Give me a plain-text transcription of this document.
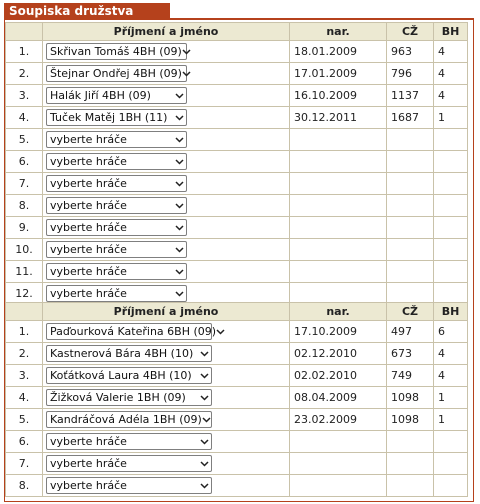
Soupiska družstva
	Příjmení a jméno	nar.	CŽ	BH
1.	Skřivan Tomáš 4BH (09)	18.01.2009	963	4
2.	Štejnar Ondřej 4BH (09)	17.01.2009	796	4
3.	Halák Jiří 4BH (09)	16.10.2009	1137	4
4.	Tuček Matěj 1BH (11)	30.12.2011	1687	1
5.	vyberte hráče			

6.	vyberte hráče			

7.	vyberte hráče			

8.	vyberte hráče			

9.	vyberte hráče			

10.	vyberte hráče			

11.	vyberte hráče			

12.	vyberte hráče			

	Příjmení a jméno	nar.	CŽ	BH
1.	Paďourková Kateřina 6BH (09)	17.10.2009	497	6
2.	Kastnerová Bára 4BH (10)	02.12.2010	673	4
3.	Koťátková Laura 4BH (10)	02.02.2010	749	4
4.	Žižková Valerie 1BH (09)	08.04.2009	1098	1
5.	Kandráčová Adéla 1BH (09)	23.02.2009	1098	1
6.	vyberte hráče			

7.	vyberte hráče			

8.	vyberte hráče			
